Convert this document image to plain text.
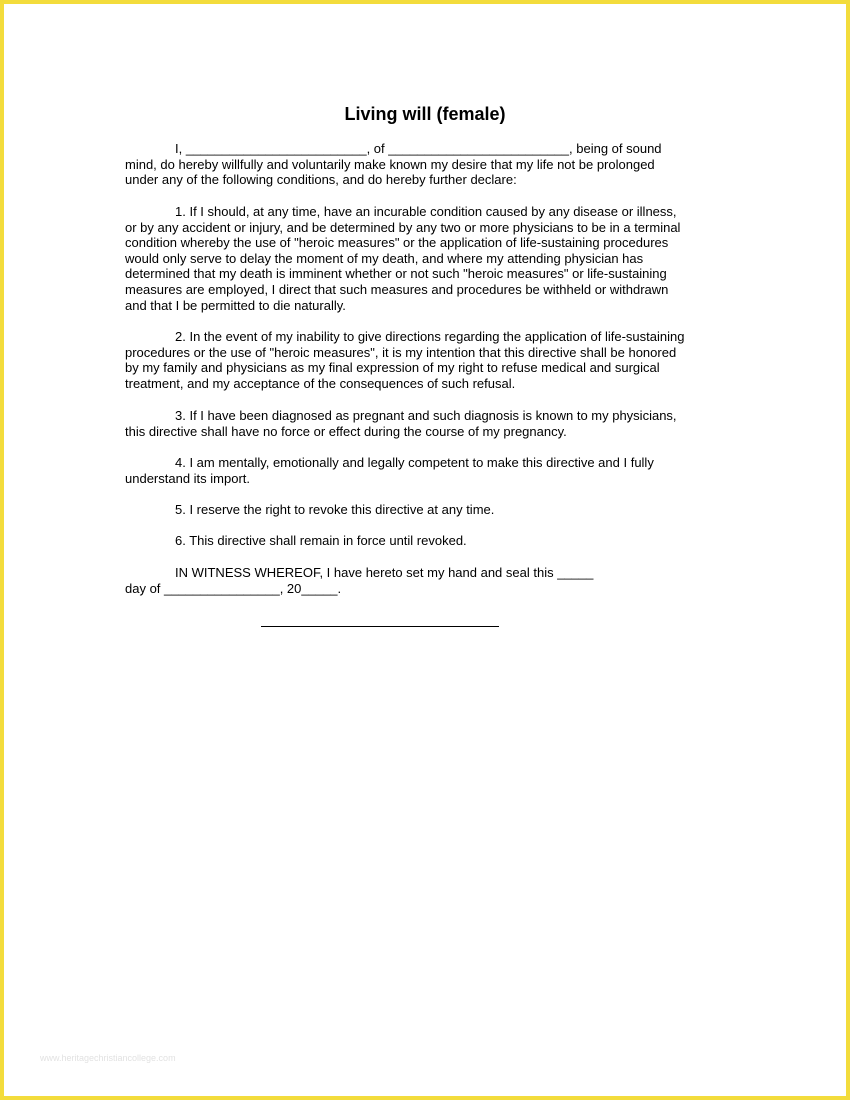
Living will (female)
I, _________________________, of _________________________, being of sound
mind, do hereby willfully and voluntarily make known my desire that my life not be prolonged
under any of the following conditions, and do hereby further declare:
1. If I should, at any time, have an incurable condition caused by any disease or illness,
or by any accident or injury, and be determined by any two or more physicians to be in a terminal
condition whereby the use of "heroic measures" or the application of life-sustaining procedures
would only serve to delay the moment of my death, and where my attending physician has
determined that my death is imminent whether or not such "heroic measures" or life-sustaining
measures are employed, I direct that such measures and procedures be withheld or withdrawn
and that I be permitted to die naturally.
2. In the event of my inability to give directions regarding the application of life-sustaining
procedures or the use of "heroic measures", it is my intention that this directive shall be honored
by my family and physicians as my final expression of my right to refuse medical and surgical
treatment, and my acceptance of the consequences of such refusal.
3. If I have been diagnosed as pregnant and such diagnosis is known to my physicians,
this directive shall have no force or effect during the course of my pregnancy.
4. I am mentally, emotionally and legally competent to make this directive and I fully
understand its import.
5. I reserve the right to revoke this directive at any time.
6. This directive shall remain in force until revoked.
IN WITNESS WHEREOF, I have hereto set my hand and seal this _____
day of ________________, 20_____.
www.heritagechristiancollege.com
